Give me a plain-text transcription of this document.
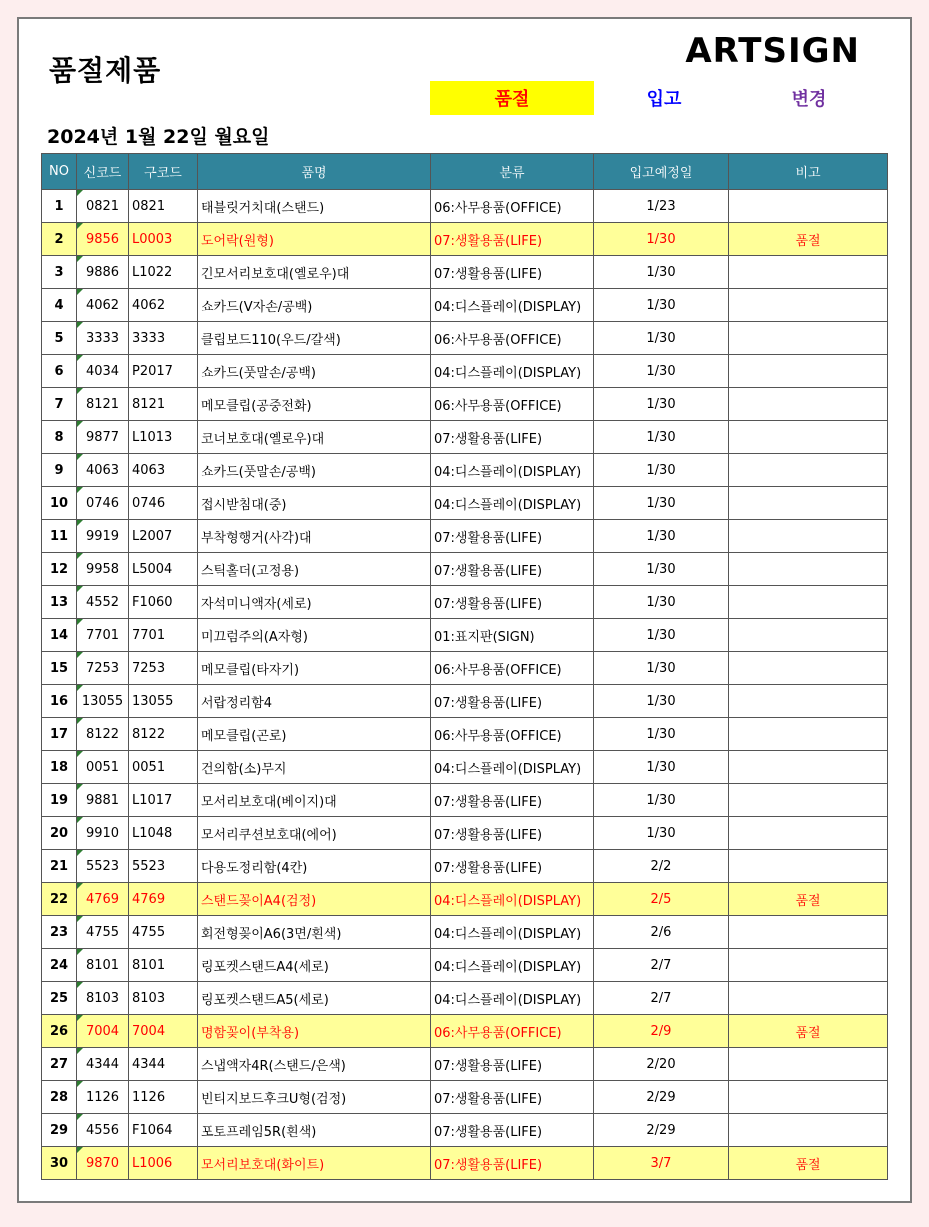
품절제품	ARTSIGN
품절	입고	변경
2024년 1월 22일 월요일
NO	신코드	구코드	품명	분류	입고예정일	비고
1	0821	0821	태블릿거치대(스탠드)	06:사무용품(OFFICE)	1/23	
2	9856	L0003	도어락(원형)	07:생활용품(LIFE)	1/30	품절
3	9886	L1022	긴모서리보호대(옐로우)대	07:생활용품(LIFE)	1/30	
4	4062	4062	쇼카드(V자손/공백)	04:디스플레이(DISPLAY)	1/30	
5	3333	3333	클립보드110(우드/갈색)	06:사무용품(OFFICE)	1/30	
6	4034	P2017	쇼카드(풋말손/공백)	04:디스플레이(DISPLAY)	1/30	
7	8121	8121	메모클립(공중전화)	06:사무용품(OFFICE)	1/30	
8	9877	L1013	코너보호대(옐로우)대	07:생활용품(LIFE)	1/30	
9	4063	4063	쇼카드(풋말손/공백)	04:디스플레이(DISPLAY)	1/30	
10	0746	0746	접시받침대(중)	04:디스플레이(DISPLAY)	1/30	
11	9919	L2007	부착형행거(사각)대	07:생활용품(LIFE)	1/30	
12	9958	L5004	스틱홀더(고정용)	07:생활용품(LIFE)	1/30	
13	4552	F1060	자석미니액자(세로)	07:생활용품(LIFE)	1/30	
14	7701	7701	미끄럼주의(A자형)	01:표지판(SIGN)	1/30	
15	7253	7253	메모클립(타자기)	06:사무용품(OFFICE)	1/30	
16	13055	13055	서랍정리함4	07:생활용품(LIFE)	1/30	
17	8122	8122	메모클립(곤로)	06:사무용품(OFFICE)	1/30	
18	0051	0051	건의함(소)무지	04:디스플레이(DISPLAY)	1/30	
19	9881	L1017	모서리보호대(베이지)대	07:생활용품(LIFE)	1/30	
20	9910	L1048	모서리쿠션보호대(에어)	07:생활용품(LIFE)	1/30	
21	5523	5523	다용도정리함(4칸)	07:생활용품(LIFE)	2/2	
22	4769	4769	스탠드꽂이A4(검정)	04:디스플레이(DISPLAY)	2/5	품절
23	4755	4755	회전형꽂이A6(3면/흰색)	04:디스플레이(DISPLAY)	2/6	
24	8101	8101	링포켓스탠드A4(세로)	04:디스플레이(DISPLAY)	2/7	
25	8103	8103	링포켓스탠드A5(세로)	04:디스플레이(DISPLAY)	2/7	
26	7004	7004	명함꽂이(부착용)	06:사무용품(OFFICE)	2/9	품절
27	4344	4344	스냅액자4R(스탠드/은색)	07:생활용품(LIFE)	2/20	
28	1126	1126	빈티지보드후크U형(검정)	07:생활용품(LIFE)	2/29	
29	4556	F1064	포토프레임5R(흰색)	07:생활용품(LIFE)	2/29	
30	9870	L1006	모서리보호대(화이트)	07:생활용품(LIFE)	3/7	품절
